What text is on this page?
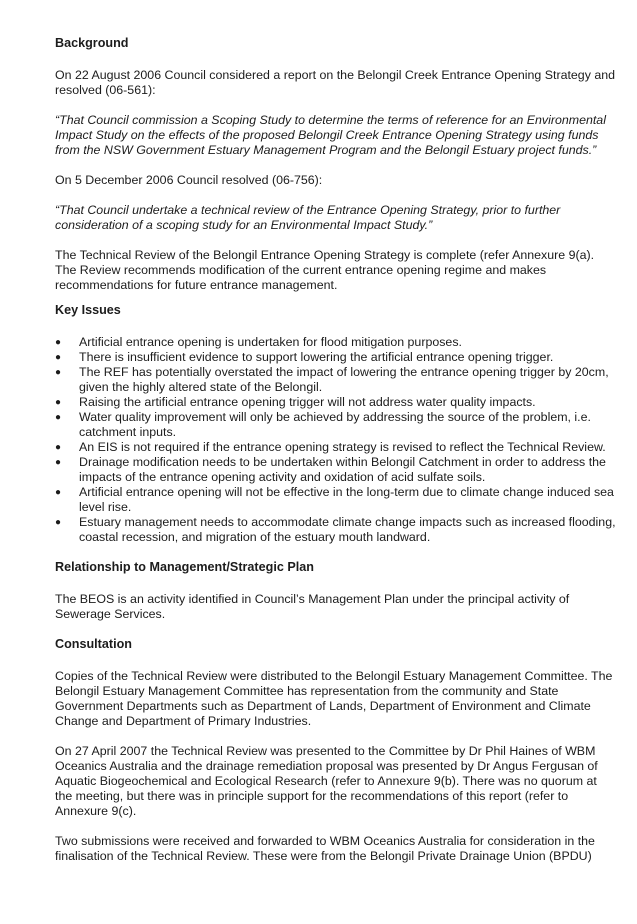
Background

On 22 August 2006 Council considered a report on the Belongil Creek Entrance Opening Strategy and resolved (06-561):

“That Council commission a Scoping Study to determine the terms of reference for an Environmental Impact Study on the effects of the proposed Belongil Creek Entrance Opening Strategy using funds from the NSW Government Estuary Management Program and the Belongil Estuary project funds.”

On 5 December 2006 Council resolved (06-756):

“That Council undertake a technical review of the Entrance Opening Strategy, prior to further consideration of a scoping study for an Environmental Impact Study.”

The Technical Review of the Belongil Entrance Opening Strategy is complete (refer Annexure 9(a). The Review recommends modification of the current entrance opening regime and makes recommendations for future entrance management.

Key Issues
● Artificial entrance opening is undertaken for flood mitigation purposes.
● There is insufficient evidence to support lowering the artificial entrance opening trigger.
● The REF has potentially overstated the impact of lowering the entrance opening trigger by 20cm, given the highly altered state of the Belongil.
● Raising the artificial entrance opening trigger will not address water quality impacts.
● Water quality improvement will only be achieved by addressing the source of the problem, i.e. catchment inputs.
● An EIS is not required if the entrance opening strategy is revised to reflect the Technical Review.
● Drainage modification needs to be undertaken within Belongil Catchment in order to address the impacts of the entrance opening activity and oxidation of acid sulfate soils.
● Artificial entrance opening will not be effective in the long-term due to climate change induced sea level rise.
● Estuary management needs to accommodate climate change impacts such as increased flooding, coastal recession, and migration of the estuary mouth landward.
Relationship to Management/Strategic Plan

The BEOS is an activity identified in Council’s Management Plan under the principal activity of Sewerage Services.

Consultation

Copies of the Technical Review were distributed to the Belongil Estuary Management Committee. The Belongil Estuary Management Committee has representation from the community and State Government Departments such as Department of Lands, Department of Environment and Climate Change and Department of Primary Industries.

On 27 April 2007 the Technical Review was presented to the Committee by Dr Phil Haines of WBM Oceanics Australia and the drainage remediation proposal was presented by Dr Angus Fergusan of Aquatic Biogeochemical and Ecological Research (refer to Annexure 9(b). There was no quorum at the meeting, but there was in principle support for the recommendations of this report (refer to Annexure 9(c).

Two submissions were received and forwarded to WBM Oceanics Australia for consideration in the finalisation of the Technical Review. These were from the Belongil Private Drainage Union (BPDU)
